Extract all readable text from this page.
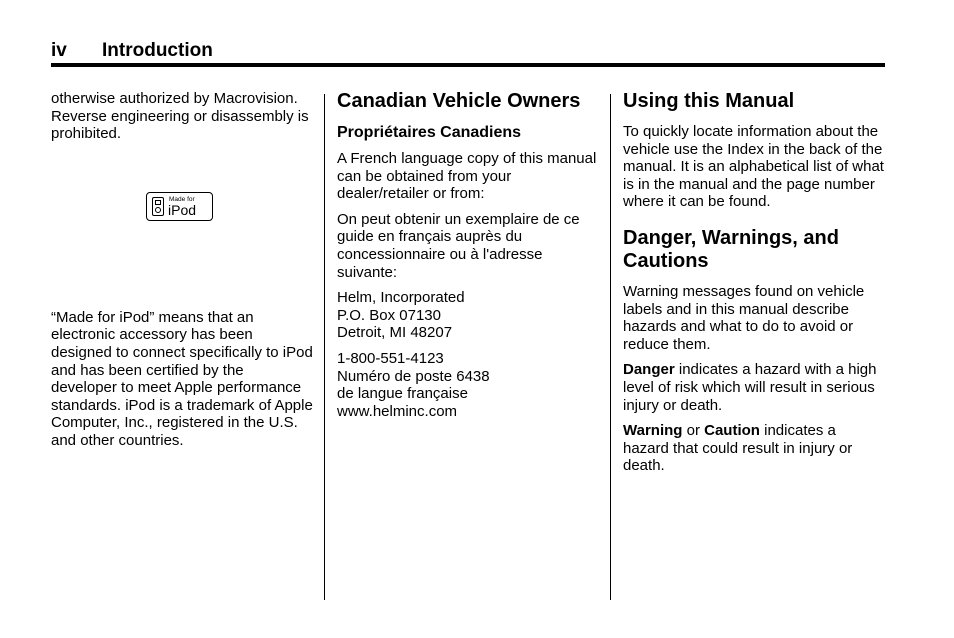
iv Introduction

otherwise authorized by Macrovision. Reverse engineering or disassembly is prohibited.

“Made for iPod” means that an electronic accessory has been designed to connect specifically to iPod and has been certified by the developer to meet Apple performance standards. iPod is a trademark of Apple Computer, Inc., registered in the U.S. and other countries.

Made for
iPod
Canadian Vehicle Owners
Propriétaires Canadiens

A French language copy of this manual can be obtained from your dealer/retailer or from:

On peut obtenir un exemplaire de ce guide en français auprès du concessionnaire ou à l'adresse suivante:

Helm, Incorporated
P.O. Box 07130
Detroit, MI 48207

1-800-551-4123
Numéro de poste 6438
de langue française
www.helminc.com

Using this Manual

To quickly locate information about the vehicle use the Index in the back of the manual. It is an alphabetical list of what is in the manual and the page number where it can be found.

Danger, Warnings, and Cautions

Warning messages found on vehicle labels and in this manual describe hazards and what to do to avoid or reduce them.

Danger indicates a hazard with a high level of risk which will result in serious injury or death.

Warning or Caution indicates a hazard that could result in injury or death.
